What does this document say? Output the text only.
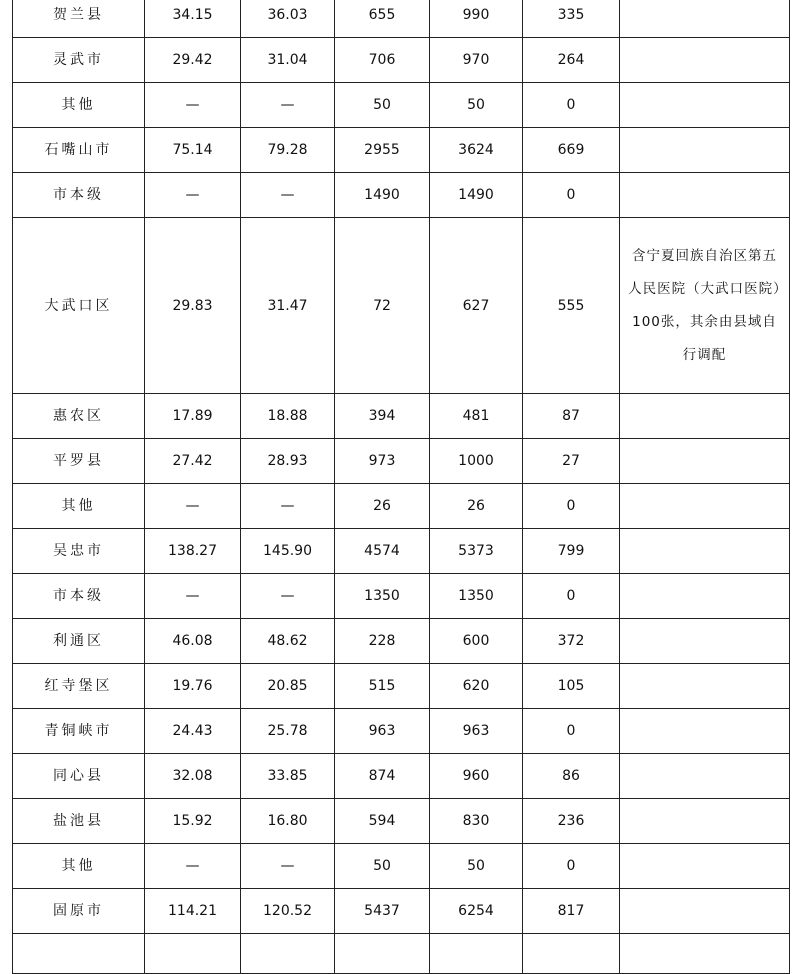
贺兰县	34.15	36.03	655	990	335	
灵武市	29.42	31.04	706	970	264	
其他	—	—	50	50	0	
石嘴山市	75.14	79.28	2955	3624	669	
市本级	—	—	1490	1490	0	
大武口区	29.83	31.47	72	627	555	含宁夏回族自治区第五人民医院（大武口医院）100张，其余由县域自行调配
惠农区	17.89	18.88	394	481	87	
平罗县	27.42	28.93	973	1000	27	
其他	—	—	26	26	0	
吴忠市	138.27	145.90	4574	5373	799	
市本级	—	—	1350	1350	0	
利通区	46.08	48.62	228	600	372	
红寺堡区	19.76	20.85	515	620	105	
青铜峡市	24.43	25.78	963	963	0	
同心县	32.08	33.85	874	960	86	
盐池县	15.92	16.80	594	830	236	
其他	—	—	50	50	0	
固原市	114.21	120.52	5437	6254	817	
